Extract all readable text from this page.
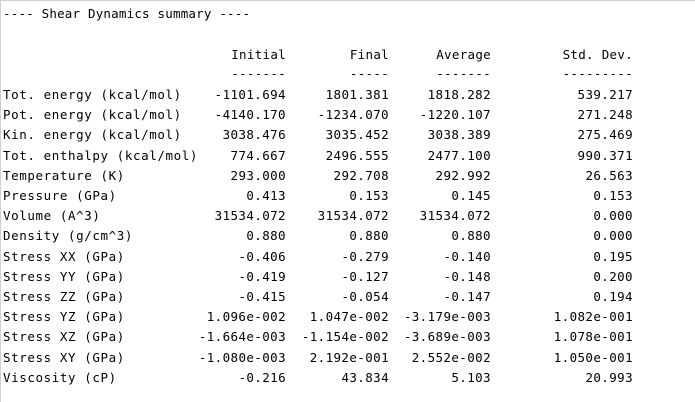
---- Shear Dynamics summary ----
Initial	Final	Average	Std. Dev.
-------	-----	-------	---------
Tot. energy (kcal/mol)	-1101.694	1801.381	1818.282	539.217
Pot. energy (kcal/mol)	-4140.170	-1234.070 -1220.107	271.248
Kin. energy (kcal/mol)	3038.476	3035.452	3038.389	275.469
Tot. enthalpy (kcal/mol)	774.667	2496.555	2477.100	990.371
Temperature (K)	293.000	292.708	292.992	26.563
Pressure (GPa)	0.413	0.153	0.145	0.153
Volume (A^3)	31534.072	31534.072 31534.072	0.000
Density (g/cm^3)	0.880	0.880	0.880	0.000
Stress XX (GPa)	-0.406	-0.279	-0.140	0.195
Stress YY (GPa)	-0.419	-0.127	-0.148	0.200
Stress ZZ (GPa)	-0.415	-0.054	-0.147	0.194
Stress YZ (GPa)	1.096e-002 1.047e-002 -3.179e-003	1.082e-001
Stress XZ (GPa)	-1.664e-003 -1.154e-002 -3.689e-003	1.078e-001
Stress XY (GPa)	-1.080e-003 2.192e-001 2.552e-002	1.050e-001
Viscosity (cP)	-0.216	43.834	5.103	20.993
